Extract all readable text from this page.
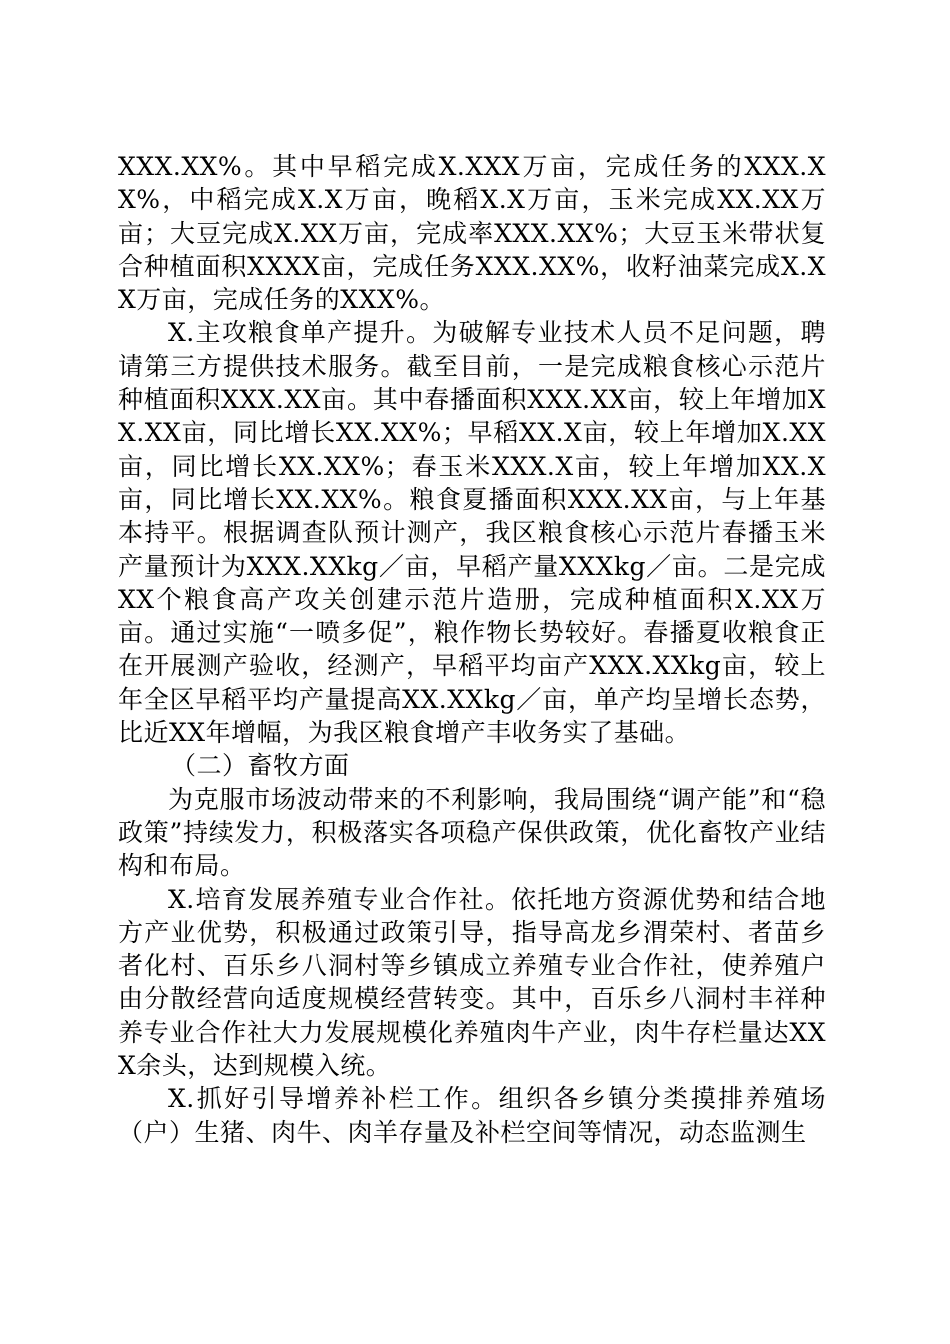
XXX.XX%。其中早稻完成X.XXX万亩，完成任务的XXX.XX%，中稻完成X.X万亩，晚稻X.X万亩，玉米完成XX.XX万亩；大豆完成X.XX万亩，完成率XXX.XX%；大豆玉米带状复合种植面积XXXX亩，完成任务XXX.XX%，收籽油菜完成X.XX万亩，完成任务的XXX%。

X.主攻粮食单产提升。为破解专业技术人员不足问题，聘请第三方提供技术服务。截至目前，一是完成粮食核心示范片种植面积XXX.XX亩。其中春播面积XXX.XX亩，较上年增加XX.XX亩，同比增长XX.XX%；早稻XX.X亩，较上年增加X.XX亩，同比增长XX.XX%；春玉米XXX.X亩，较上年增加XX.X亩，同比增长XX.XX%。粮食夏播面积XXX.XX亩，与上年基本持平。根据调查队预计测产，我区粮食核心示范片春播玉米产量预计为XXX.XXkg／亩，早稻产量XXXkg／亩。二是完成XX个粮食高产攻关创建示范片造册，完成种植面积X.XX万亩。通过实施“一喷多促”，粮作物长势较好。春播夏收粮食正在开展测产验收，经测产，早稻平均亩产XXX.XXkg亩，较上年全区早稻平均产量提高XX.XXkg／亩，单产均呈增长态势，比近XX年增幅，为我区粮食增产丰收务实了基础。

（二）畜牧方面

为克服市场波动带来的不利影响，我局围绕“调产能”和“稳政策”持续发力，积极落实各项稳产保供政策，优化畜牧产业结构和布局。

X.培育发展养殖专业合作社。依托地方资源优势和结合地方产业优势，积极通过政策引导，指导高龙乡渭荣村、者苗乡者化村、百乐乡八洞村等乡镇成立养殖专业合作社，使养殖户由分散经营向适度规模经营转变。其中，百乐乡八洞村丰祥种养专业合作社大力发展规模化养殖肉牛产业，肉牛存栏量达XXX余头，达到规模入统。

X.抓好引导增养补栏工作。组织各乡镇分类摸排养殖场（户）生猪、肉牛、肉羊存量及补栏空间等情况，动态监测生
